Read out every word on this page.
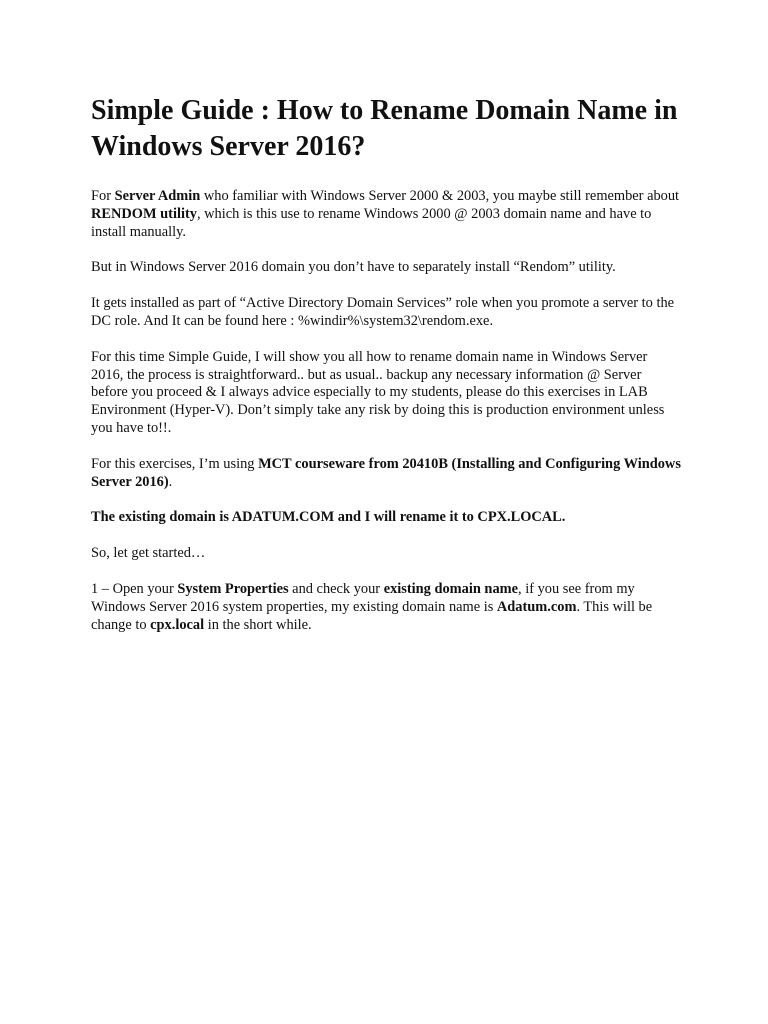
Simple Guide : How to Rename Domain Name in Windows Server 2016?

For Server Admin who familiar with Windows Server 2000 & 2003, you maybe still remember about RENDOM utility, which is this use to rename Windows 2000 @ 2003 domain name and have to install manually.

But in Windows Server 2016 domain you don’t have to separately install “Rendom” utility.

It gets installed as part of “Active Directory Domain Services” role when you promote a server to the DC role. And It can be found here : %windir%\system32\rendom.exe.

For this time Simple Guide, I will show you all how to rename domain name in Windows Server 2016, the process is straightforward.. but as usual.. backup any necessary information @ Server before you proceed & I always advice especially to my students, please do this exercises in LAB Environment (Hyper-V). Don’t simply take any risk by doing this is production environment unless you have to!!.

For this exercises, I’m using MCT courseware from 20410B (Installing and Configuring Windows Server 2016).

The existing domain is ADATUM.COM and I will rename it to CPX.LOCAL.

So, let get started…

1 – Open your System Properties and check your existing domain name, if you see from my Windows Server 2016 system properties, my existing domain name is Adatum.com. This will be change to cpx.local in the short while.
